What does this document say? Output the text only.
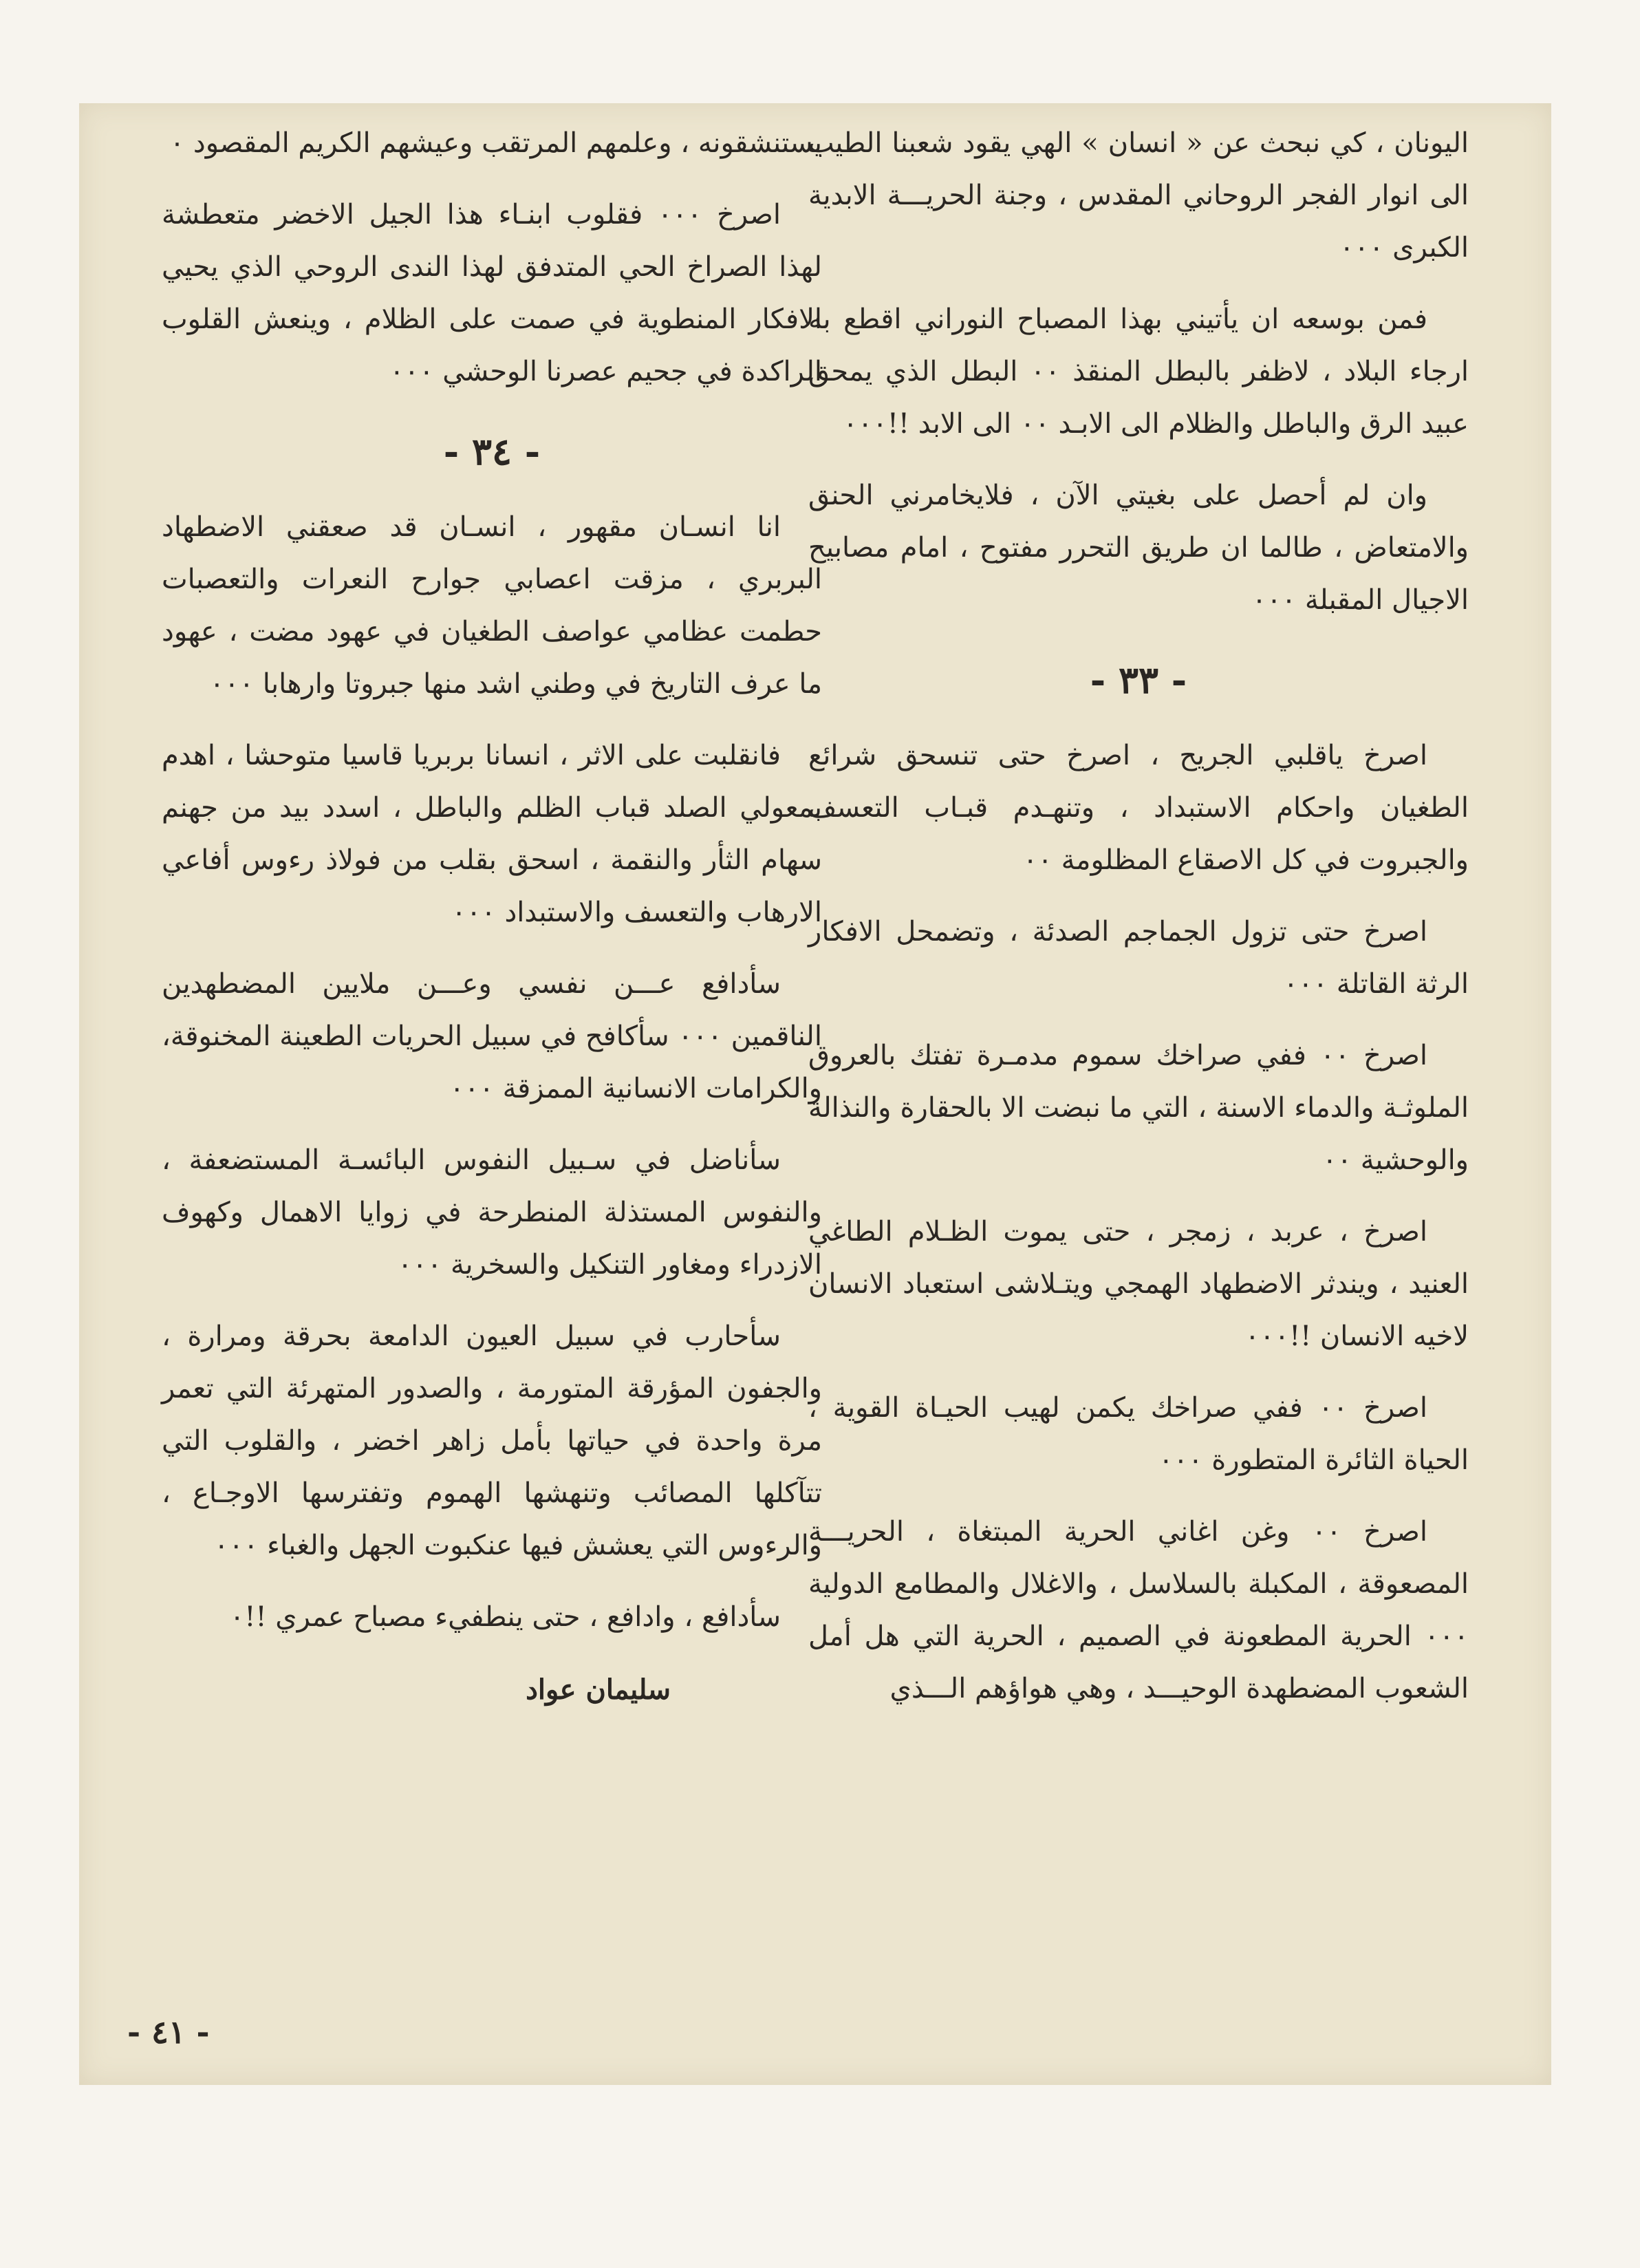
اليونان ، كي نبحث عن « انسان » الهي يقود شعبنا الطيب الى انوار الفجر الروحاني المقدس ، وجنة الحريـــة الابدية الكبرى ٠٠٠

فمن بوسعه ان يأتيني بهذا المصباح النوراني اقطع به ارجاء البلاد ، لاظفر بالبطل المنقذ ٠٠ البطل الذي يمحق عبيد الرق والباطل والظلام الى الابـد ٠٠ الى الابد !!٠٠٠

وان لم أحصل على بغيتي الآن ، فلايخامرني الحنق والامتعاض ، طالما ان طريق التحرر مفتوح ، امام مصابيح الاجيال المقبلة ٠٠٠

- ٣٣ -

اصرخ ياقلبي الجريح ، اصرخ حتى تنسحق شرائع الطغيان واحكام الاستبداد ، وتنهـدم قبـاب التعسف والجبروت في كل الاصقاع المظلومة ٠٠

اصرخ حتى تزول الجماجم الصدئة ، وتضمحل الافكار الرثة القاتلة ٠٠٠

اصرخ ٠٠ ففي صراخك سموم مدمـرة تفتك بالعروق الملوثـة والدماء الاسنة ، التي ما نبضت الا بالحقارة والنذالة والوحشية ٠٠

اصرخ ، عربد ، زمجر ، حتى يموت الظـلام الطاغي العنيد ، ويندثر الاضطهاد الهمجي ويتـلاشى استعباد الانسان لاخيه الانسان !!٠٠٠

اصرخ ٠٠ ففي صراخك يكمن لهيب الحيـاة القوية ، الحياة الثائرة المتطورة ٠٠٠

اصرخ ٠٠ وغن اغاني الحرية المبتغاة ، الحريـــة المصعوقة ، المكبلة بالسلاسل ، والاغلال والمطامع الدولية ٠٠٠ الحرية المطعونة في الصميم ، الحرية التي هل أمل الشعوب المضطهدة الوحيـــد ، وهي هواؤهم الـــذي

يستنشقونه ، وعلمهم المرتقب وعيشهم الكريم المقصود ٠

اصرخ ٠٠٠ فقلوب ابنـاء هذا الجيل الاخضر متعطشة لهذا الصراخ الحي المتدفق لهذا الندى الروحي الذي يحيي الافكار المنطوية في صمت على الظلام ، وينعش القلوب الراكدة في جحيم عصرنا الوحشي ٠٠٠

- ٣٤ -

انا انسـان مقهور ، انسـان قد صعقني الاضطهاد البربري ، مزقت اعصابي جوارح النعرات والتعصبات حطمت عظامي عواصف الطغيان في عهود مضت ، عهود ما عرف التاريخ في وطني اشد منها جبروتا وارهابا ٠٠٠

فانقلبت على الاثر ، انسانا بربريا قاسيا متوحشا ، اهدم بمعولي الصلد قباب الظلم والباطل ، اسدد بيد من جهنم سهام الثأر والنقمة ، اسحق بقلب من فولاذ رءوس أفاعي الارهاب والتعسف والاستبداد ٠٠٠

سأدافع عـــن نفسي وعـــن ملايين المضطهدين الناقمين ٠٠٠ سأكافح في سبيل الحريات الطعينة المخنوقة، والكرامات الانسانية الممزقة ٠٠٠

سأناضل في سـبيل النفوس البائسـة المستضعفة ، والنفوس المستذلة المنطرحة في زوايا الاهمال وكهوف الازدراء ومغاور التنكيل والسخرية ٠٠٠

سأحارب في سبيل العيون الدامعة بحرقة ومرارة ، والجفون المؤرقة المتورمة ، والصدور المتهرئة التي تعمر مرة واحدة في حياتها بأمل زاهر اخضر ، والقلوب التي تتآكلها المصائب وتنهشها الهموم وتفترسها الاوجـاع ، والرءوس التي يعشش فيها عنكبوت الجهل والغباء ٠٠٠

سأدافع ، وادافع ، حتى ينطفيء مصباح عمري !!٠

سليمان عواد
- ٤١ -
